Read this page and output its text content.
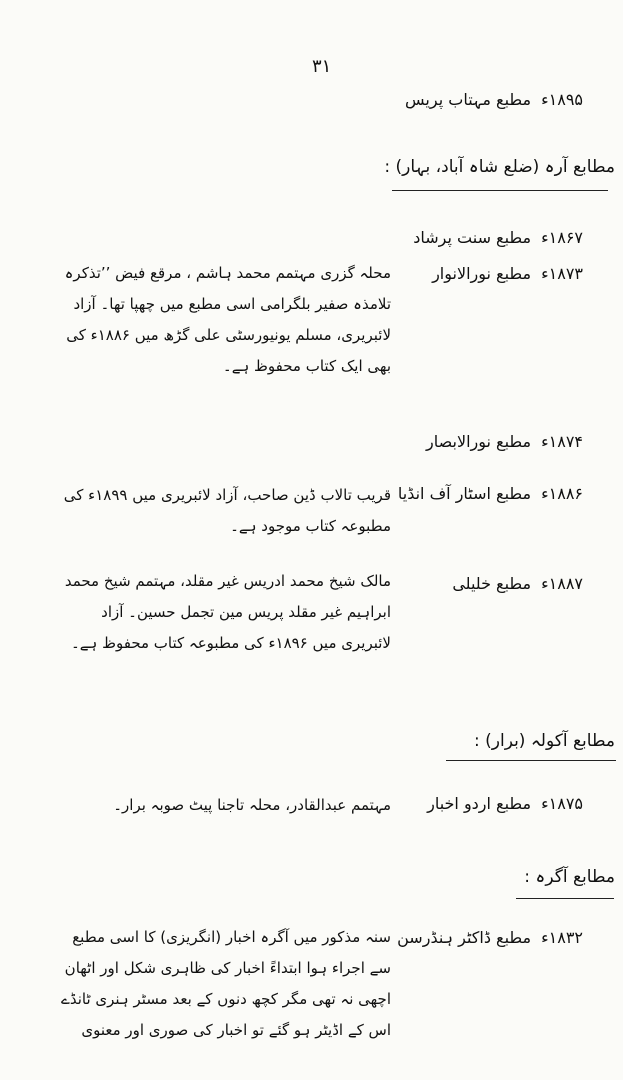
۳۱
۱۸۹۵ءمطبع مہتاب پریس
مطابع آرہ (ضلع شاہ آباد، بہار) :
۱۸۶۷ءمطبع سنت پرشاد
۱۸۷۳ءمطبع نورالانوار
محلہ گزری مہتمم محمد ہاشم ، مرقع فیض ’’تذکرہ تلامذہ صفیر بلگرامی اسی مطبع میں چھپا تھا۔ آزاد لائبریری، مسلم یونیورسٹی علی گڑھ میں ۱۸۸۶ء کی بھی ایک کتاب محفوظ ہے۔
۱۸۷۴ءمطبع نورالابصار
۱۸۸۶ءمطبع اسٹار آف انڈیا
قریب تالاب ڈین صاحب، آزاد لائبریری میں ۱۸۹۹ء کی مطبوعہ کتاب موجود ہے۔
۱۸۸۷ءمطبع خلیلی
مالک شیخ محمد ادریس غیر مقلد، مہتمم شیخ محمد ابراہیم غیر مقلد پریس مین تجمل حسین۔ آزاد لائبریری میں ۱۸۹۶ء کی مطبوعہ کتاب محفوظ ہے۔
مطابع آکولہ (برار) :
۱۸۷۵ءمطبع اردو اخبار
مہتمم عبدالقادر، محلہ تاجنا پیٹ صوبہ برار۔
مطابع آگرہ :
۱۸۳۲ءمطبع ڈاکٹر ہنڈرسن
سنہ مذکور میں آگرہ اخبار (انگریزی) کا اسی مطبع سے اجراء ہوا ابتداءً اخبار کی ظاہری شکل اور اٹھان اچھی نہ تھی مگر کچھ دنوں کے بعد مسٹر ہنری ٹانڈے اس کے اڈیٹر ہو گئے تو اخبار کی صوری اور معنوی
